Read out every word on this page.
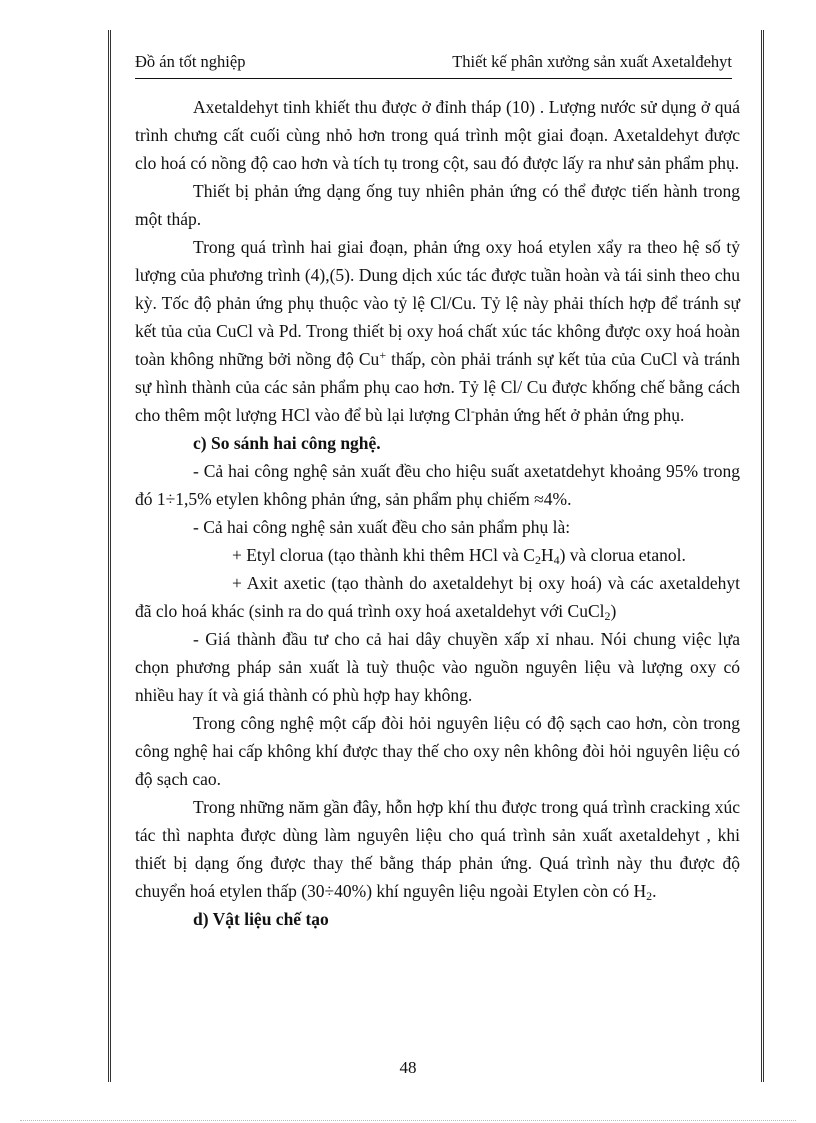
Đồ án tốt nghiệp	Thiết kế phân xưởng sản xuất Axetalđehyt

Axetaldehyt tinh khiết thu được ở đỉnh tháp (10) . Lượng nước sử dụng ở quá trình chưng cất cuối cùng nhỏ hơn trong quá trình một giai đoạn. Axetaldehyt được clo hoá có nồng độ cao hơn và tích tụ trong cột, sau đó được lấy ra như sản phẩm phụ.

Thiết bị phản ứng dạng ống tuy nhiên phản ứng có thể được tiến hành trong một tháp.

Trong quá trình hai giai đoạn, phản ứng oxy hoá etylen xẩy ra theo hệ số tỷ lượng của phương trình (4),(5). Dung dịch xúc tác được tuần hoàn và tái sinh theo chu kỳ. Tốc độ phản ứng phụ thuộc vào tỷ lệ Cl/Cu. Tỷ lệ này phải thích hợp để tránh sự kết tủa của CuCl và Pd. Trong thiết bị oxy hoá chất xúc tác không được oxy hoá hoàn toàn không những bởi nồng độ Cu+ thấp, còn phải tránh sự kết tủa của CuCl và tránh sự hình thành của các sản phẩm phụ cao hơn. Tỷ lệ Cl/ Cu được khống chế bằng cách cho thêm một lượng HCl vào để bù lại lượng Cl-phản ứng hết ở phản ứng phụ.

c) So sánh hai công nghệ.

- Cả hai công nghệ sản xuất đều cho hiệu suất axetatdehyt khoảng 95% trong đó 1÷1,5% etylen không phản ứng, sản phẩm phụ chiếm ≈4%.

- Cả hai công nghệ sản xuất đều cho sản phẩm phụ là:

+ Etyl clorua (tạo thành khi thêm HCl và $C_2H_4$) và clorua etanol.

+ Axit axetic (tạo thành do axetaldehyt bị oxy hoá) và các axetaldehyt đã clo hoá khác (sinh ra do quá trình oxy hoá axetaldehyt với CuCl$_2$)

- Giá thành đầu tư cho cả hai dây chuyền xấp xỉ nhau. Nói chung việc lựa chọn phương pháp sản xuất là tuỳ thuộc vào nguồn nguyên liệu và lượng oxy có nhiều hay ít và giá thành có phù hợp hay không.

Trong công nghệ một cấp đòi hỏi nguyên liệu có độ sạch cao hơn, còn trong công nghệ hai cấp không khí được thay thế cho oxy nên không đòi hỏi nguyên liệu có độ sạch cao.

Trong những năm gần đây, hỗn hợp khí thu được trong quá trình cracking xúc tác thì naphta được dùng làm nguyên liệu cho quá trình sản xuất axetaldehyt , khi thiết bị dạng ống được thay thế bằng tháp phản ứng. Quá trình này thu được độ chuyển hoá etylen thấp (30÷40%) khí nguyên liệu ngoài Etylen còn có $H_2$.

d) Vật liệu chế tạo

48
